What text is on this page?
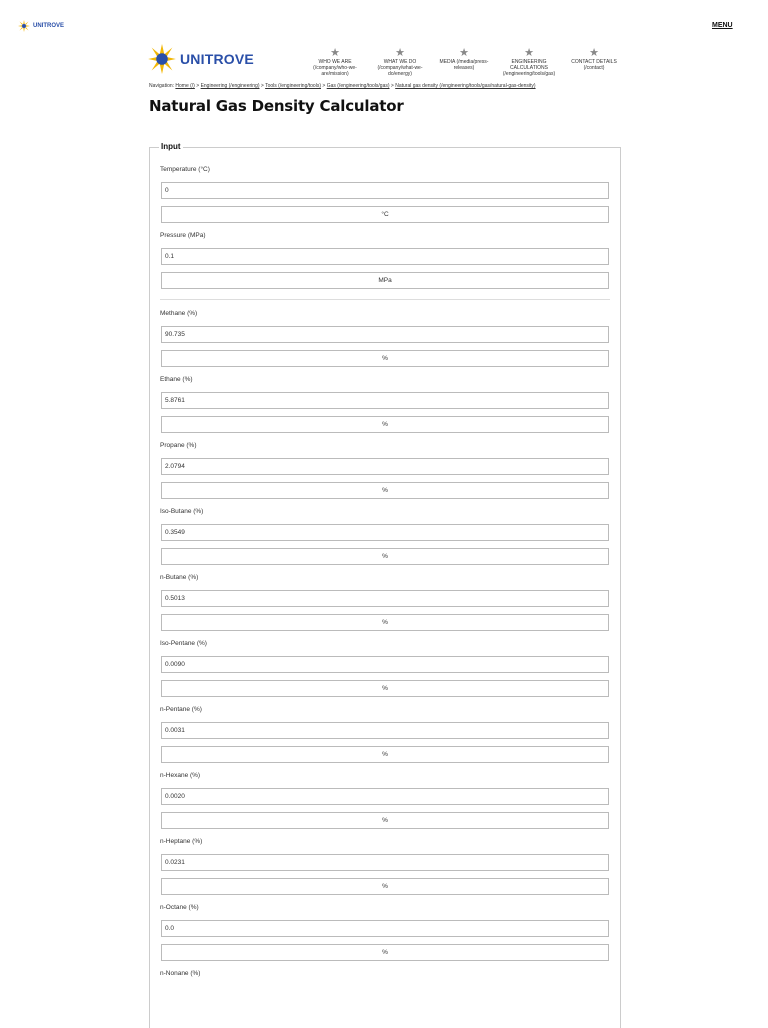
UNITROVE	MENU
UNITROVE	★
WHO WE ARE
(/company/who-we-
are/mission)
★
WHAT WE DO
(/company/what-we-
do/energy)
★
MEDIA (/media/press-
releases)
★
ENGINEERING
CALCULATIONS
(/engineering/tools/gas)
★
CONTACT DETAILS
(/contact)
Navigation: Home (/) > Engineering (/engineering) > Tools (/engineering/tools) > Gas (/engineering/tools/gas) > Natural gas density (/engineering/tools/gas/natural-gas-density)
Natural Gas Density Calculator
Input
Temperature (°C)
0
°C
Pressure (MPa)
0.1
MPa
Methane (%)
90.735
%
Ethane (%)
5.8761
%
Propane (%)
2.0794
%
Iso-Butane (%)
0.3549
%
n-Butane (%)
0.5013
%
Iso-Pentane (%)
0.0090
%
n-Pentane (%)
0.0031
%
n-Hexane (%)
0.0020
%
n-Heptane (%)
0.0231
%
n-Octane (%)
0.0
%
n-Nonane (%)
